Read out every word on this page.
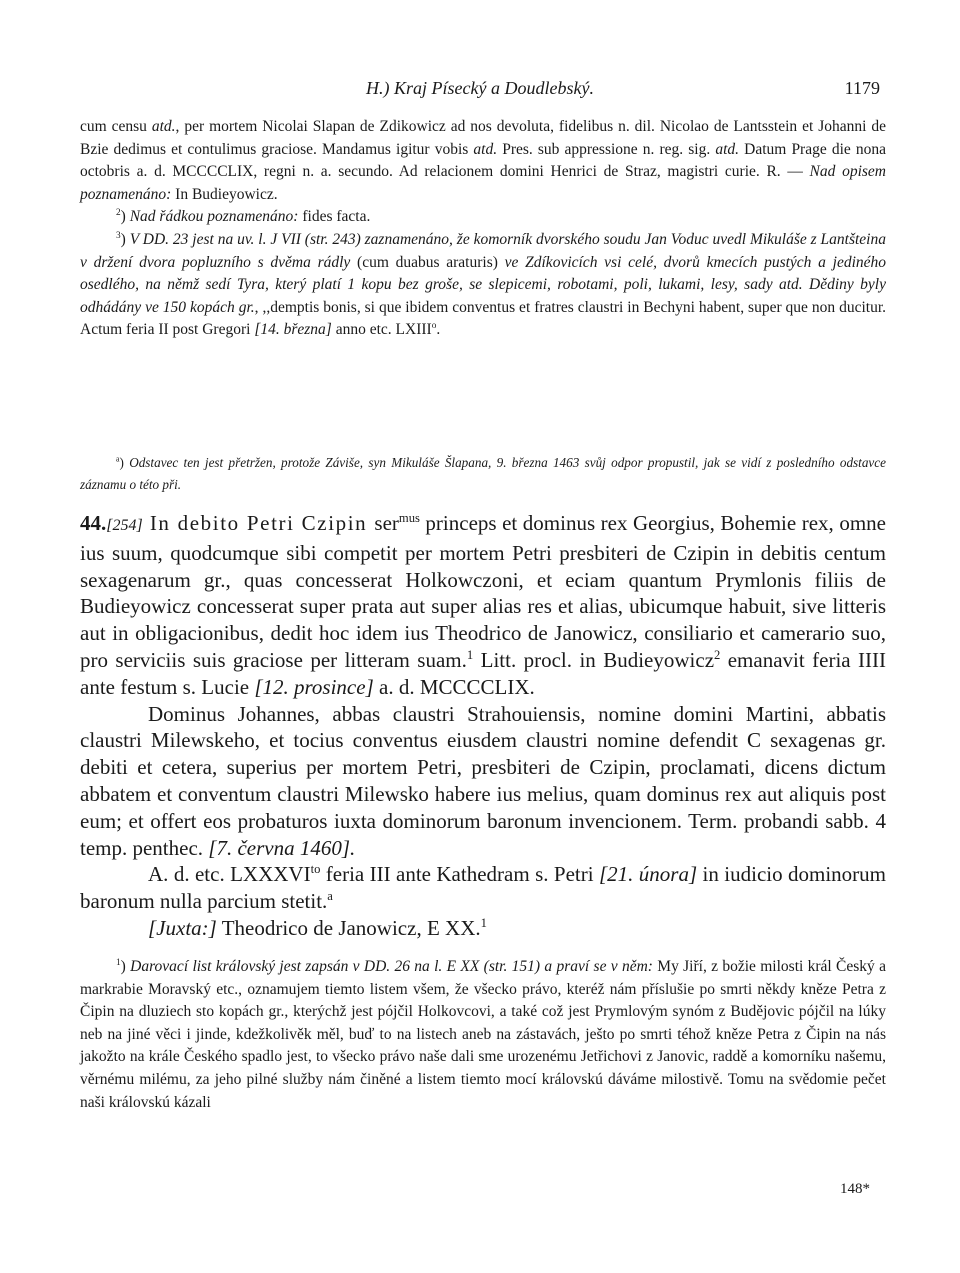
H.) Kraj Písecký a Doudlebský.	1179

cum censu atd., per mortem Nicolai Slapan de Zdikowicz ad nos devoluta, fidelibus n. dil. Nicolao de Lantsstein et Johanni de Bzie dedimus et contulimus graciose. Mandamus igitur vobis atd. Pres. sub appressione n. reg. sig. atd. Datum Prage die nona octobris a. d. MCCCCLIX, regni n. a. secundo. Ad relacionem domini Henrici de Straz, magistri curie. R. — Nad opisem poznamenáno: In Budieyowicz.

$^2$) Nad řádkou poznamenáno: fides facta.

$^3$) V DD. 23 jest na uv. l. J VII (str. 243) zaznamenáno, že komorník dvorského soudu Jan Voduc uvedl Mikuláše z Lantšteina v držení dvora popluzního s dvěma rádly (cum duabus araturis) ve Zdíkovicích vsi celé, dvorů kmecích pustých a jediného osedlého, na němž sedí Tyra, který platí 1 kopu bez groše, se slepicemi, robotami, poli, lukami, lesy, sady atd. Dědiny byly odhádány ve 150 kopách gr., ,,demptis bonis, si que ibidem conventus et fratres claustri in Bechyni habent, super que non ducitur. Actum feria II post Gregori [14. března] anno etc. LXIII$^o$.

$^a$) Odstavec ten jest přetržen, protože Záviše, syn Mikuláše Šlapana, 9. března 1463 svůj odpor propustil, jak se vidí z posledního odstavce záznamu o této při.

44.[254] In debito Petri Czipin ser$^{mus}$ princeps et dominus rex Georgius, Bohemie rex, omne ius suum, quodcumque sibi competit per mortem Petri presbiteri de Czipin in debitis centum sexagenarum gr., quas concesserat Holkowczoni, et eciam quantum Prymlonis filiis de Budieyowicz concesserat super prata aut super alias res et alias, ubicumque habuit, sive litteris aut in obligacionibus, dedit hoc idem ius Theodrico de Janowicz, consiliario et camerario suo, pro serviciis suis graciose per litteram suam.$^1$ Litt. procl. in Budieyowicz$^2$ emanavit feria IIII ante festum s. Lucie [12. prosince] a. d. MCCCCLIX.

Dominus Johannes, abbas claustri Strahouiensis, nomine domini Martini, abbatis claustri Milewskeho, et tocius conventus eiusdem claustri nomine defendit C sexagenas gr. debiti et cetera, superius per mortem Petri, presbiteri de Czipin, proclamati, dicens dictum abbatem et conventum claustri Milewsko habere ius melius, quam dominus rex aut aliquis post eum; et offert eos probaturos iuxta dominorum baronum invencionem. Term. probandi sabb. 4 temp. penthec. [7. června 1460].

A. d. etc. $LXXXVI^{to}$ feria III ante Kathedram s. Petri [21. února] in iudicio dominorum baronum nulla parcium stetit.$^a$

[Juxta:] Theodrico de Janowicz, E XX.$^1$

$^1$) Darovací list královský jest zapsán v DD. 26 na l. E XX (str. 151) a praví se v něm: My Jiří, z božie milosti král Český a markrabie Moravský etc., oznamujem tiemto listem všem, že všecko právo, kteréž nám příslušie po smrti někdy kněze Petra z Čipin na dluziech sto kopách gr., kterýchž jest pójčil Holkovcovi, a také což jest Prymlovým synóm z Budějovic pójčil na lúky neb na jiné věci i jinde, kdežkolivěk měl, buď to na listech aneb na zástavách, ješto po smrti téhož kněze Petra z Čipin na nás jakožto na krále Českého spadlo jest, to všecko právo naše dali sme urozenému Jetřichovi z Janovic, raddě a komorníku našemu, věrnému milému, za jeho pilné služby nám činěné a listem tiemto mocí královskú dáváme milostivě. Tomu na svědomie pečet naši královskú kázali

148*
